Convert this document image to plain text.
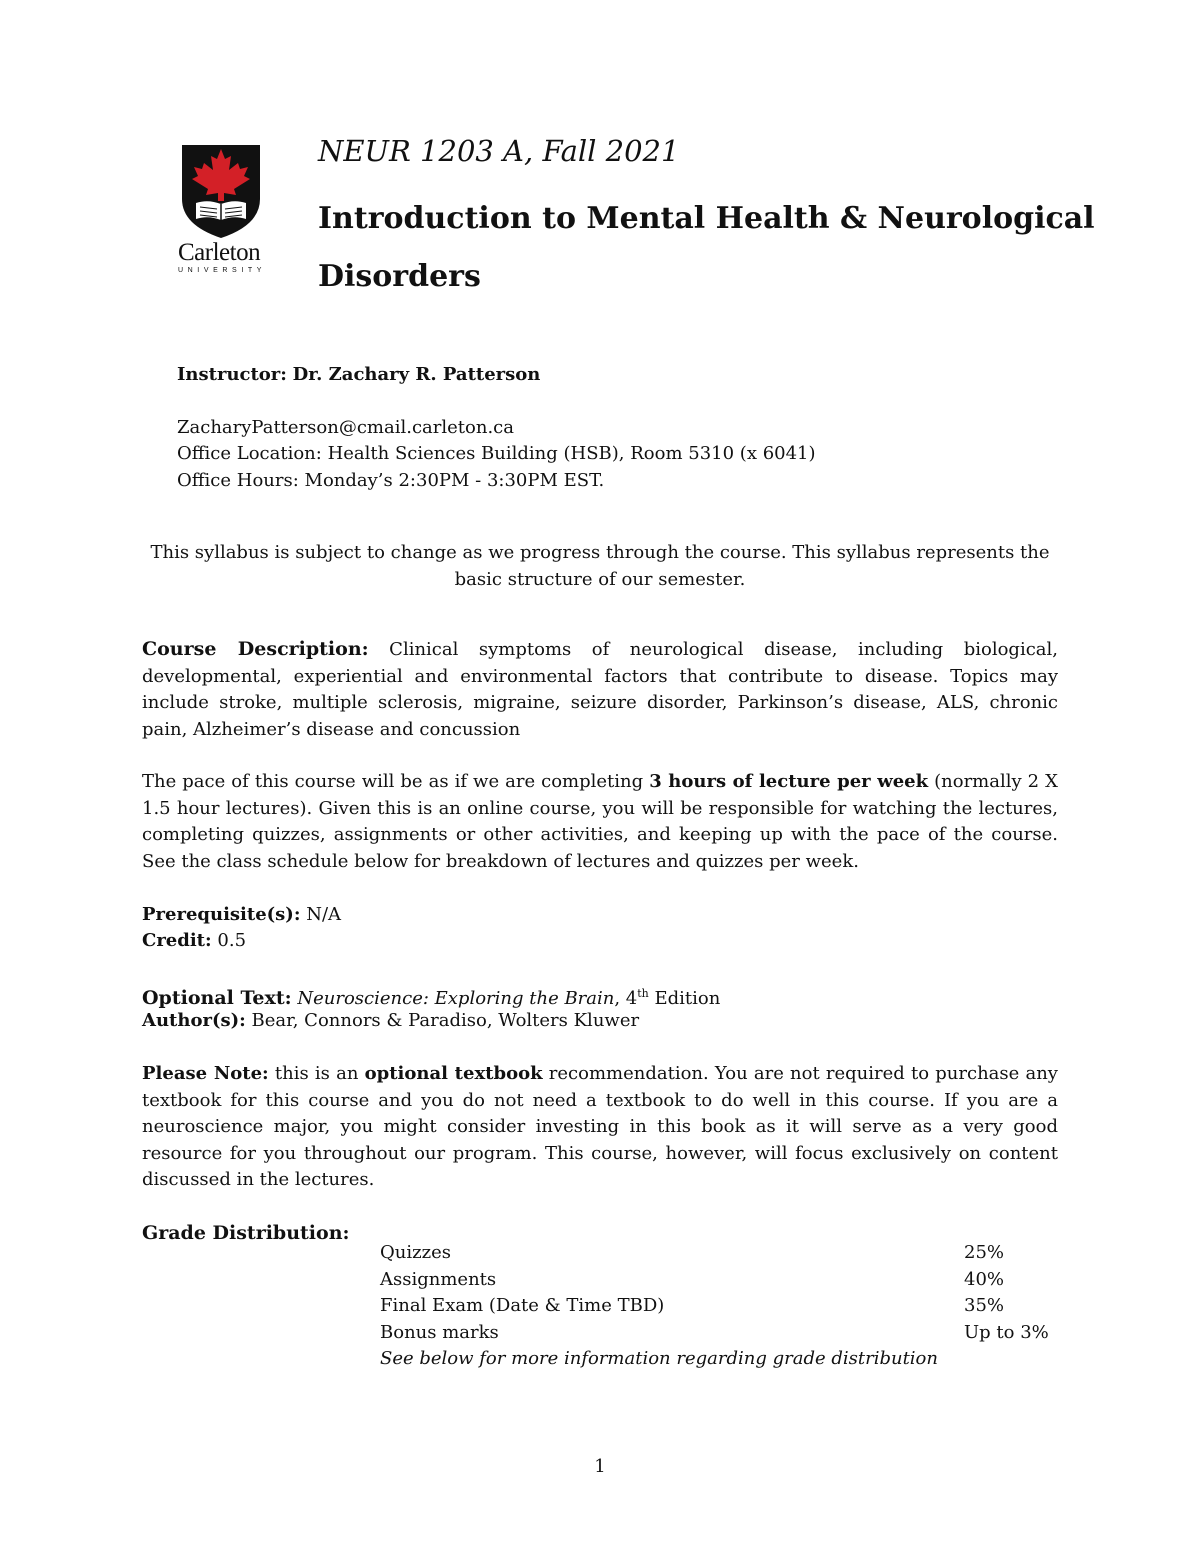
Carleton
UNIVERSITY
NEUR 1203 A, Fall 2021
Introduction to Mental Health & Neurological Disorders
Instructor: Dr. Zachary R. Patterson
ZacharyPatterson@cmail.carleton.ca
Office Location: Health Sciences Building (HSB), Room 5310 (x 6041)
Office Hours: Monday’s 2:30PM - 3:30PM EST.
This syllabus is subject to change as we progress through the course. This syllabus represents the basic structure of our semester.
Course Description: Clinical symptoms of neurological disease, including biological, developmental, experiential and environmental factors that contribute to disease. Topics may include stroke, multiple sclerosis, migraine, seizure disorder, Parkinson’s disease, ALS, chronic pain, Alzheimer’s disease and concussion
The pace of this course will be as if we are completing 3 hours of lecture per week (normally 2 X 1.5 hour lectures). Given this is an online course, you will be responsible for watching the lectures, completing quizzes, assignments or other activities, and keeping up with the pace of the course. See the class schedule below for breakdown of lectures and quizzes per week.
Prerequisite(s): N/A
Credit: 0.5
Optional Text: Neuroscience: Exploring the Brain, 4th Edition
Author(s): Bear, Connors & Paradiso, Wolters Kluwer
Please Note: this is an optional textbook recommendation. You are not required to purchase any textbook for this course and you do not need a textbook to do well in this course. If you are a neuroscience major, you might consider investing in this book as it will serve as a very good resource for you throughout our program. This course, however, will focus exclusively on content discussed in the lectures.
Grade Distribution:
Quizzes	25%
Assignments	40%
Final Exam (Date & Time TBD)	35%
Bonus marks	Up to 3%
See below for more information regarding grade distribution
1
